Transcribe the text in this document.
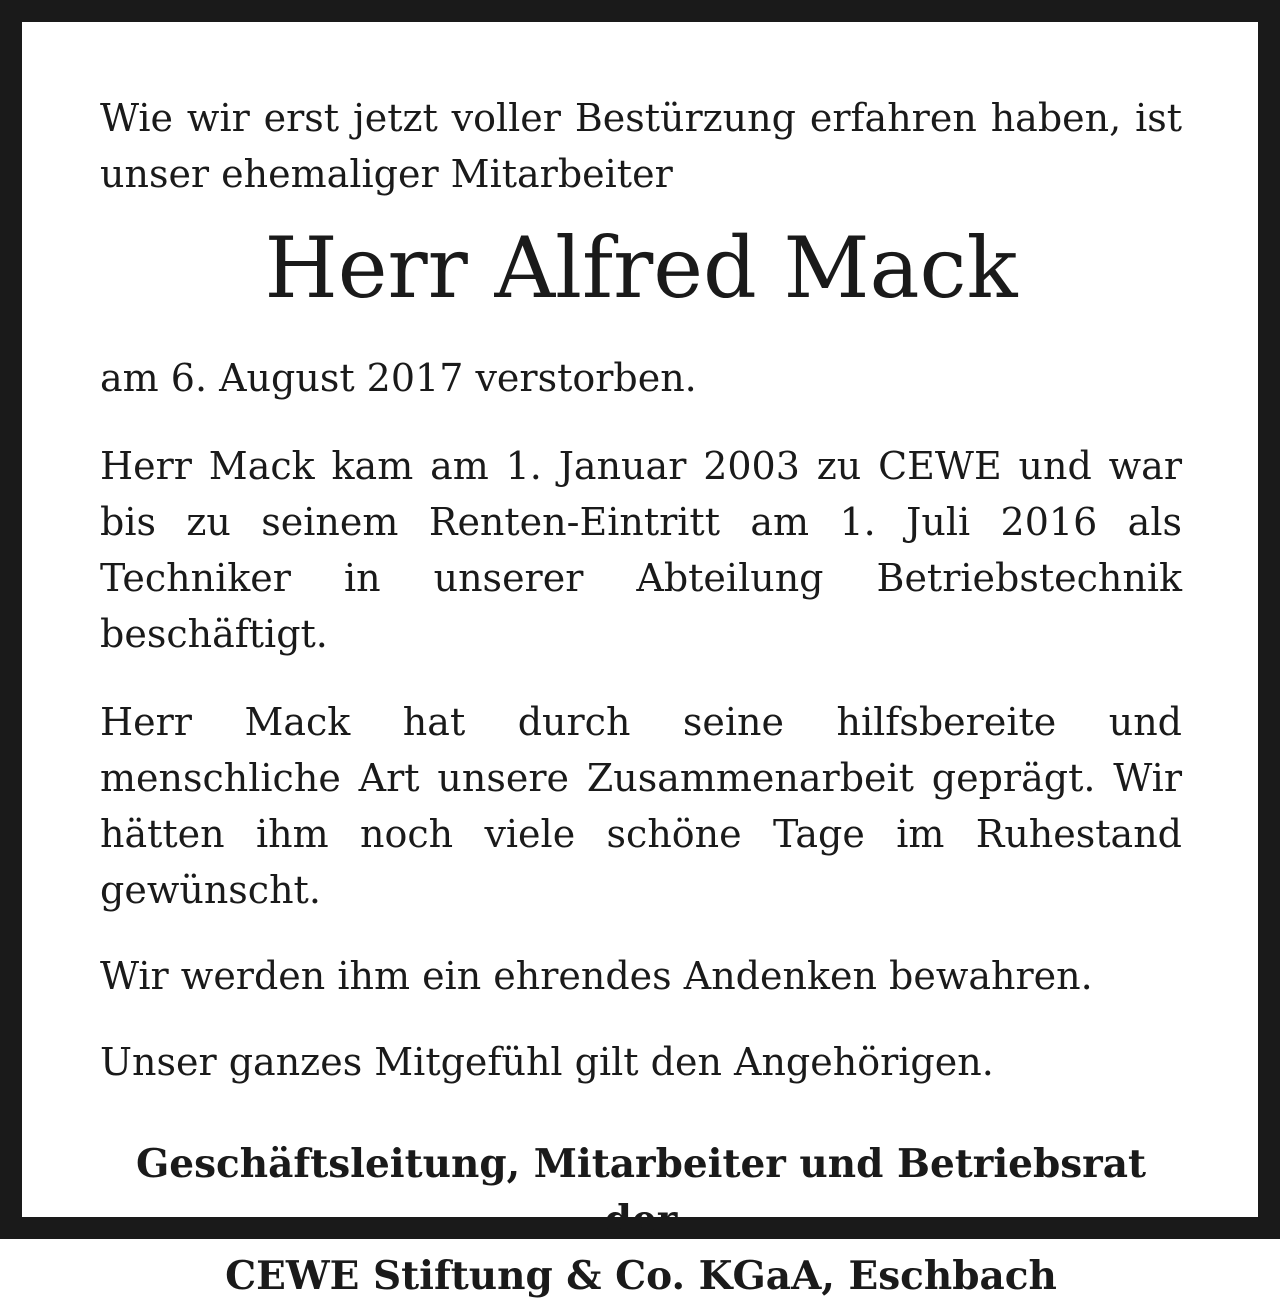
Wie wir erst jetzt voller Bestürzung erfahren haben, ist unser ehemaliger Mitarbeiter

Herr Alfred Mack

am 6. August 2017 verstorben.

Herr Mack kam am 1. Januar 2003 zu CEWE und war bis zu seinem Renten-Eintritt am 1. Juli 2016 als Techniker in unserer Abteilung Betriebstechnik beschäftigt.

Herr Mack hat durch seine hilfsbereite und menschliche Art unsere Zusammenarbeit geprägt. Wir hätten ihm noch viele schöne Tage im Ruhestand gewünscht.

Wir werden ihm ein ehrendes Andenken bewahren.

Unser ganzes Mitgefühl gilt den Angehörigen.

Geschäftsleitung, Mitarbeiter und Betriebsrat
der
CEWE Stiftung & Co. KGaA, Eschbach
